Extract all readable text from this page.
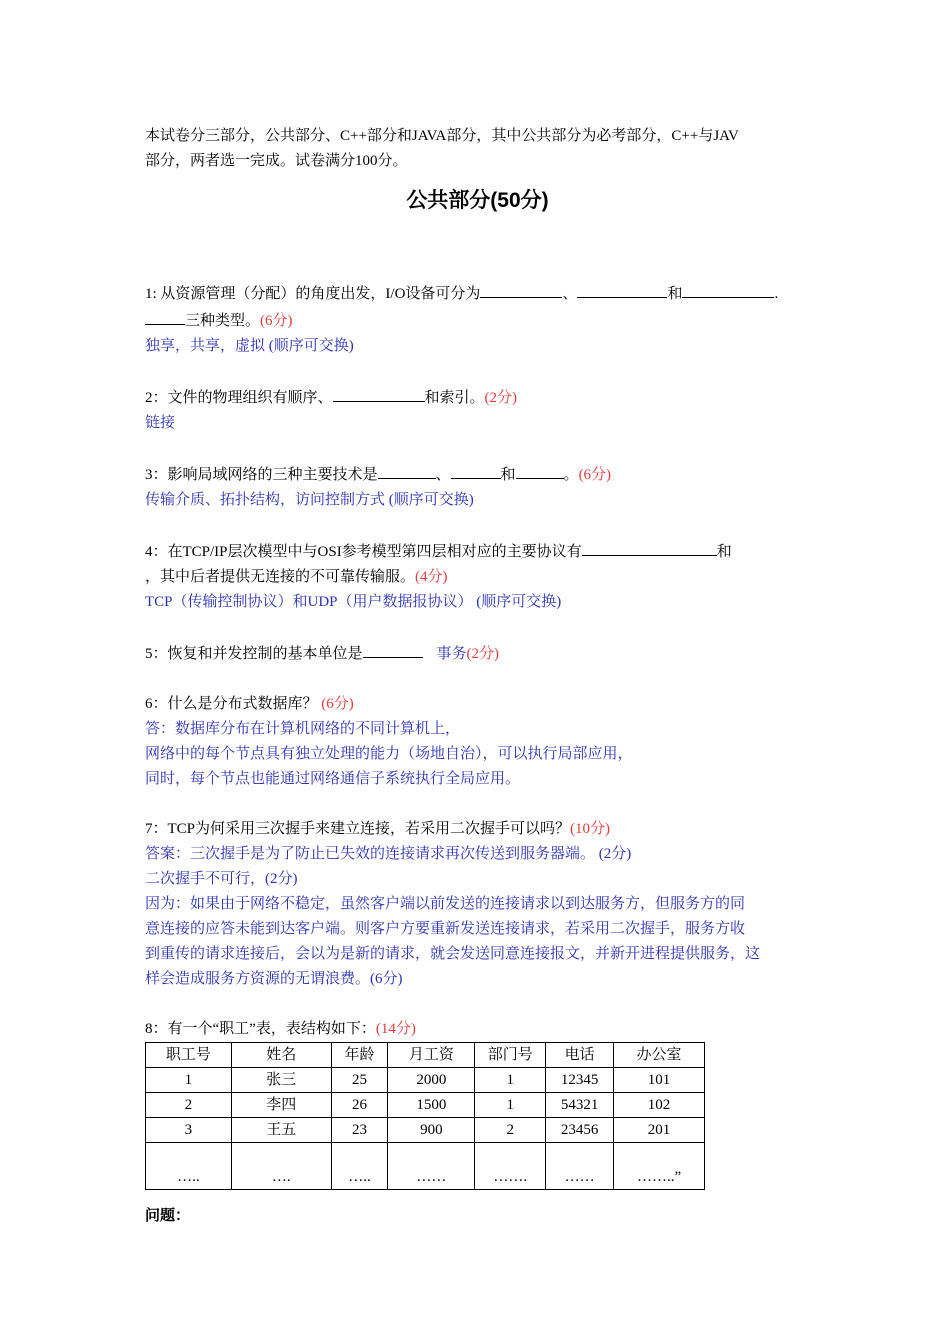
本试卷分三部分，公共部分、C++部分和JAVA部分，其中公共部分为必考部分，C++与JAV
部分，两者选一完成。试卷满分100分。
公共部分(50分)
1: 从资源管理（分配）的角度出发，I/O设备可分为	、	和	.
三种类型。(6分)
独享，共享，虚拟 (顺序可交换)
2：文件的物理组织有顺序、	和索引。(2分)
链接
3：影响局域网络的三种主要技术是	、	和	。(6分)
传输介质、拓扑结构，访问控制方式 (顺序可交换)
4：在TCP/IP层次模型中与OSI参考模型第四层相对应的主要协议有	和
，其中后者提供无连接的不可靠传输服。(4分)
TCP（传输控制协议）和UDP（用户数据报协议） (顺序可交换)
5：恢复和并发控制的基本单位是	事务(2分)
6：什么是分布式数据库？ (6分)
答：数据库分布在计算机网络的不同计算机上，
网络中的每个节点具有独立处理的能力（场地自治），可以执行局部应用，
同时，每个节点也能通过网络通信子系统执行全局应用。
7：TCP为何采用三次握手来建立连接，若采用二次握手可以吗？(10分)
答案：三次握手是为了防止已失效的连接请求再次传送到服务器端。 (2分)
二次握手不可行，(2分)
因为：如果由于网络不稳定，虽然客户端以前发送的连接请求以到达服务方，但服务方的同
意连接的应答未能到达客户端。则客户方要重新发送连接请求，若采用二次握手，服务方收
到重传的请求连接后，会以为是新的请求，就会发送同意连接报文，并新开进程提供服务，这
样会造成服务方资源的无谓浪费。(6分)
8：有一个“职工”表，表结构如下：(14分)
职工号	姓名	年龄	月工资	部门号	电话	办公室
1	张三	25	2000	1	12345	101
2	李四	26	1500	1	54321	102
3	王五	23	900	2	23456	201
…..	….	…..	……	…….	……	……..”
问题：
